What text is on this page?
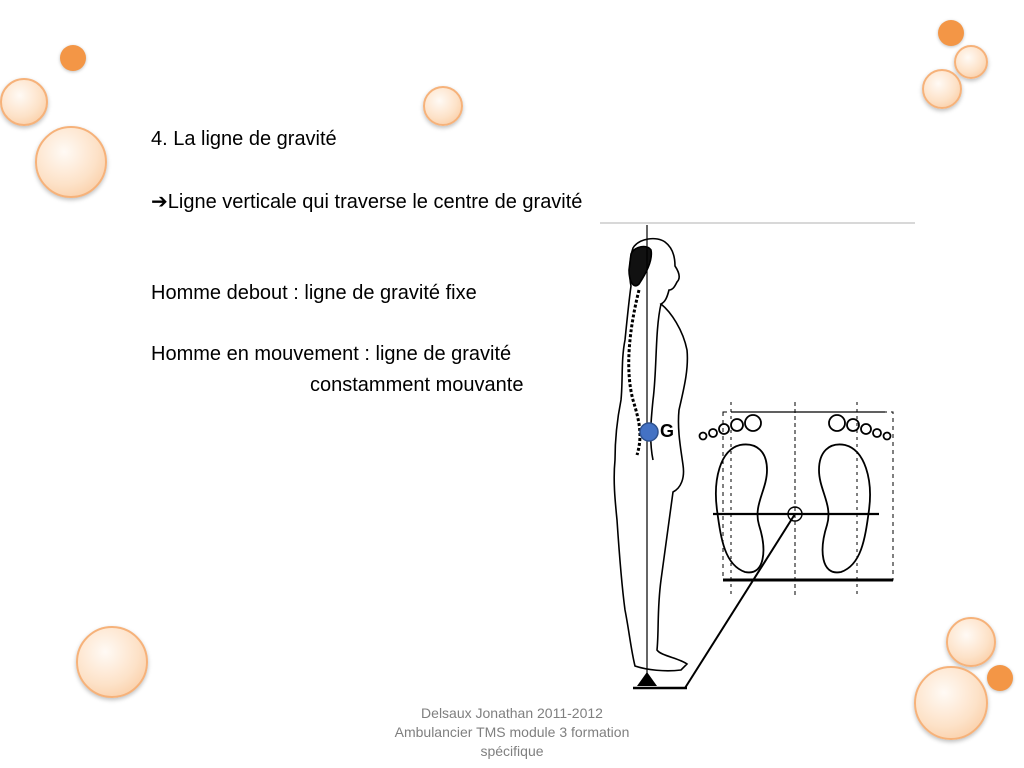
4. La ligne de gravité
➔Ligne verticale qui traverse le centre de gravité
Homme debout : ligne de gravité fixe
Homme en mouvement : ligne de gravité
constamment mouvante
G
Delsaux Jonathan 2011-2012
Ambulancier TMS module 3 formation
spécifique
